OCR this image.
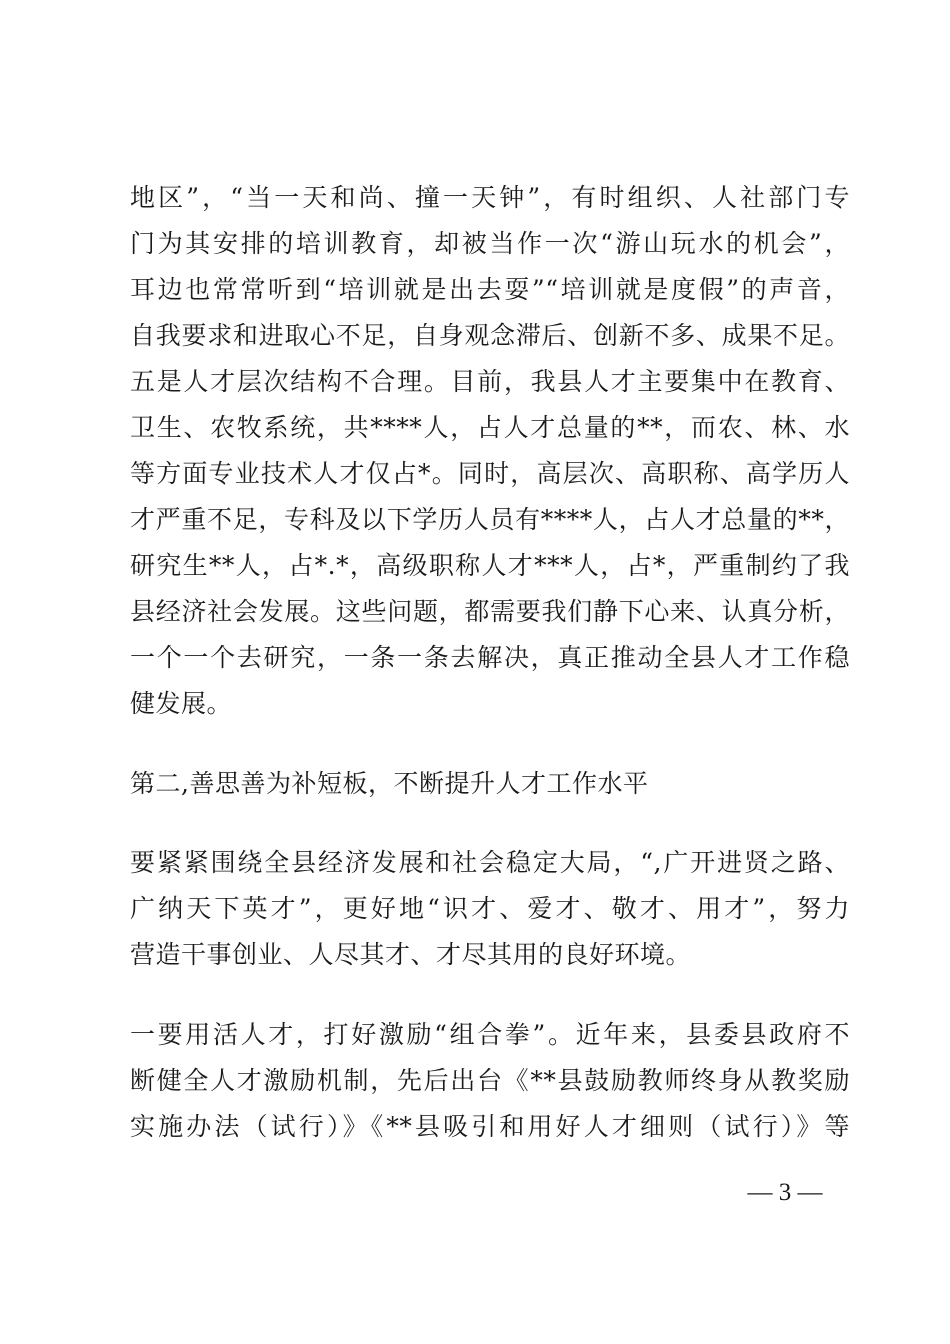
地区”，“当一天和尚、撞一天钟”，有时组织、人社部门专
门为其安排的培训教育，却被当作一次“游山玩水的机会”，
耳边也常常听到“培训就是出去耍”“培训就是度假”的声音，
自我要求和进取心不足，自身观念滞后、创新不多、成果不足。
五是人才层次结构不合理。目前，我县人才主要集中在教育、
卫生、农牧系统，共****人，占人才总量的**，而农、林、水
等方面专业技术人才仅占*。同时，高层次、高职称、高学历人
才严重不足，专科及以下学历人员有****人，占人才总量的**，
研究生**人，占*.*，高级职称人才***人，占*，严重制约了我
县经济社会发展。这些问题，都需要我们静下心来、认真分析，
一个一个去研究，一条一条去解决，真正推动全县人才工作稳
健发展。
第二,善思善为补短板，不断提升人才工作水平
要紧紧围绕全县经济发展和社会稳定大局，“,广开进贤之路、
广纳天下英才”，更好地“识才、爱才、敬才、用才”，努力
营造干事创业、人尽其才、才尽其用的良好环境。
一要用活人才，打好激励“组合拳”。近年来，县委县政府不
断健全人才激励机制，先后出台《**县鼓励教师终身从教奖励
实施办法（试行）》《**县吸引和用好人才细则（试行）》等
— 3 —
